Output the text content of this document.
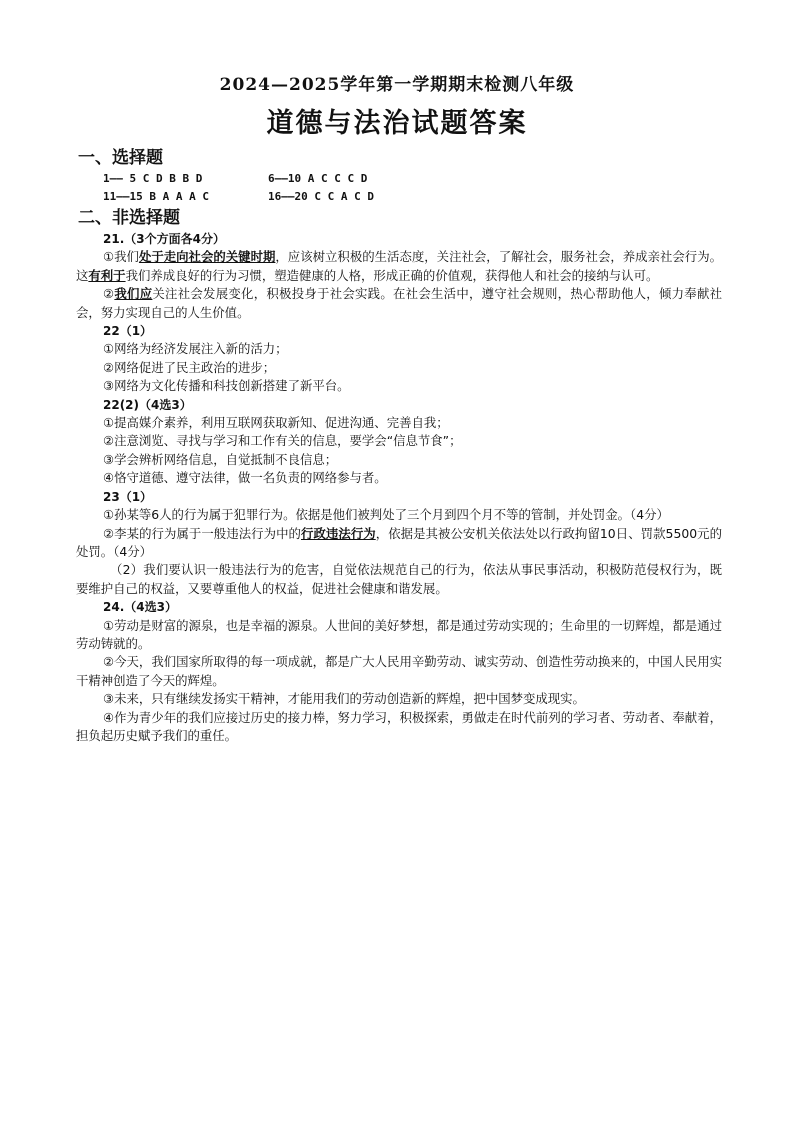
2024—2025学年第一学期期末检测八年级
道德与法治试题答案
一、选择题
1—— 5 C D B B D	6——10 A C C C D
11——15 B A A A C	16——20 C C A C D
二、非选择题
21.（3个方面各4分）

①我们处于走向社会的关键时期，应该树立积极的生活态度，关注社会，了解社会，服务社会，养成亲社会行为。这有利于我们养成良好的行为习惯，塑造健康的人格，形成正确的价值观，获得他人和社会的接纳与认可。

②我们应关注社会发展变化，积极投身于社会实践。在社会生活中，遵守社会规则，热心帮助他人，倾力奉献社会，努力实现自己的人生价值。

22（1）

①网络为经济发展注入新的活力；

②网络促进了民主政治的进步；

③网络为文化传播和科技创新搭建了新平台。

22(2)（4选3）

①提高媒介素养，利用互联网获取新知、促进沟通、完善自我；

②注意浏览、寻找与学习和工作有关的信息，要学会“信息节食”；

③学会辨析网络信息，自觉抵制不良信息；

④恪守道德、遵守法律，做一名负责的网络参与者。

23（1）

①孙某等6人的行为属于犯罪行为。依据是他们被判处了三个月到四个月不等的管制，并处罚金。（4分）

②李某的行为属于一般违法行为中的行政违法行为，依据是其被公安机关依法处以行政拘留10日、罚款5500元的处罚。（4分）

（2）我们要认识一般违法行为的危害，自觉依法规范自己的行为，依法从事民事活动，积极防范侵权行为，既要维护自己的权益，又要尊重他人的权益，促进社会健康和谐发展。

24.（4选3）

①劳动是财富的源泉，也是幸福的源泉。人世间的美好梦想，都是通过劳动实现的；生命里的一切辉煌，都是通过劳动铸就的。

②今天，我们国家所取得的每一项成就，都是广大人民用辛勤劳动、诚实劳动、创造性劳动换来的，中国人民用实干精神创造了今天的辉煌。

③未来，只有继续发扬实干精神，才能用我们的劳动创造新的辉煌，把中国梦变成现实。

④作为青少年的我们应接过历史的接力棒，努力学习，积极探索，勇做走在时代前列的学习者、劳动者、奉献着，担负起历史赋予我们的重任。
